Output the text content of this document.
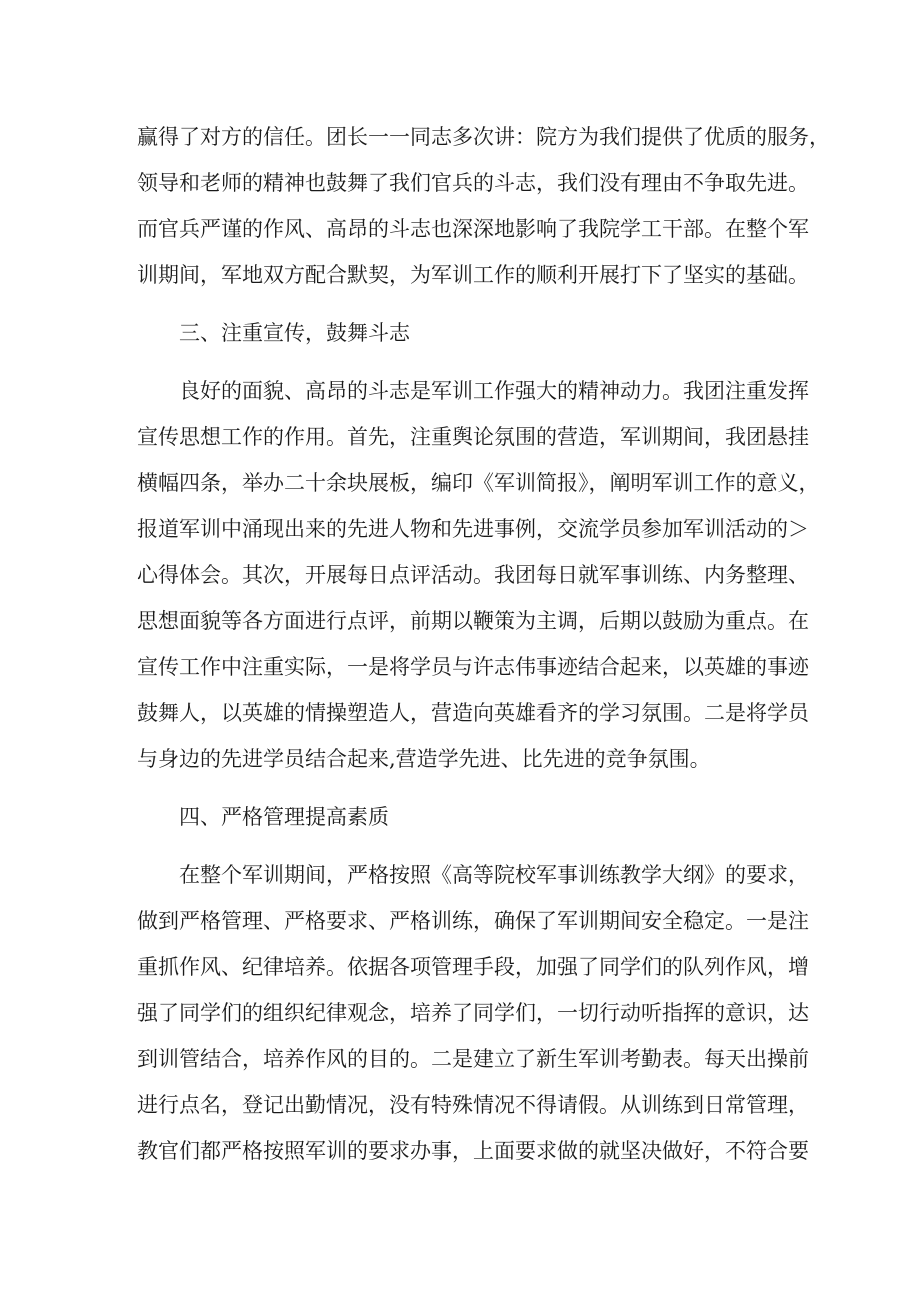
赢得了对方的信任。团长一一同志多次讲：院方为我们提供了优质的服务，
领导和老师的精神也鼓舞了我们官兵的斗志，我们没有理由不争取先进。
而官兵严谨的作风、高昂的斗志也深深地影响了我院学工干部。在整个军
训期间，军地双方配合默契，为军训工作的顺利开展打下了坚实的基础。
三、注重宣传，鼓舞斗志
良好的面貌、高昂的斗志是军训工作强大的精神动力。我团注重发挥
宣传思想工作的作用。首先，注重舆论氛围的营造，军训期间，我团悬挂
横幅四条，举办二十余块展板，编印《军训简报》，阐明军训工作的意义，
报道军训中涌现出来的先进人物和先进事例，交流学员参加军训活动的＞
心得体会。其次，开展每日点评活动。我团每日就军事训练、内务整理、
思想面貌等各方面进行点评，前期以鞭策为主调，后期以鼓励为重点。在
宣传工作中注重实际，一是将学员与许志伟事迹结合起来，以英雄的事迹
鼓舞人，以英雄的情操塑造人，营造向英雄看齐的学习氛围。二是将学员
与身边的先进学员结合起来,营造学先进、比先进的竞争氛围。
四、严格管理提高素质
在整个军训期间，严格按照《高等院校军事训练教学大纲》的要求，
做到严格管理、严格要求、严格训练，确保了军训期间安全稳定。一是注
重抓作风、纪律培养。依据各项管理手段，加强了同学们的队列作风，增
强了同学们的组织纪律观念，培养了同学们，一切行动听指挥的意识，达
到训管结合，培养作风的目的。二是建立了新生军训考勤表。每天出操前
进行点名，登记出勤情况，没有特殊情况不得请假。从训练到日常管理，
教官们都严格按照军训的要求办事，上面要求做的就坚决做好，不符合要
